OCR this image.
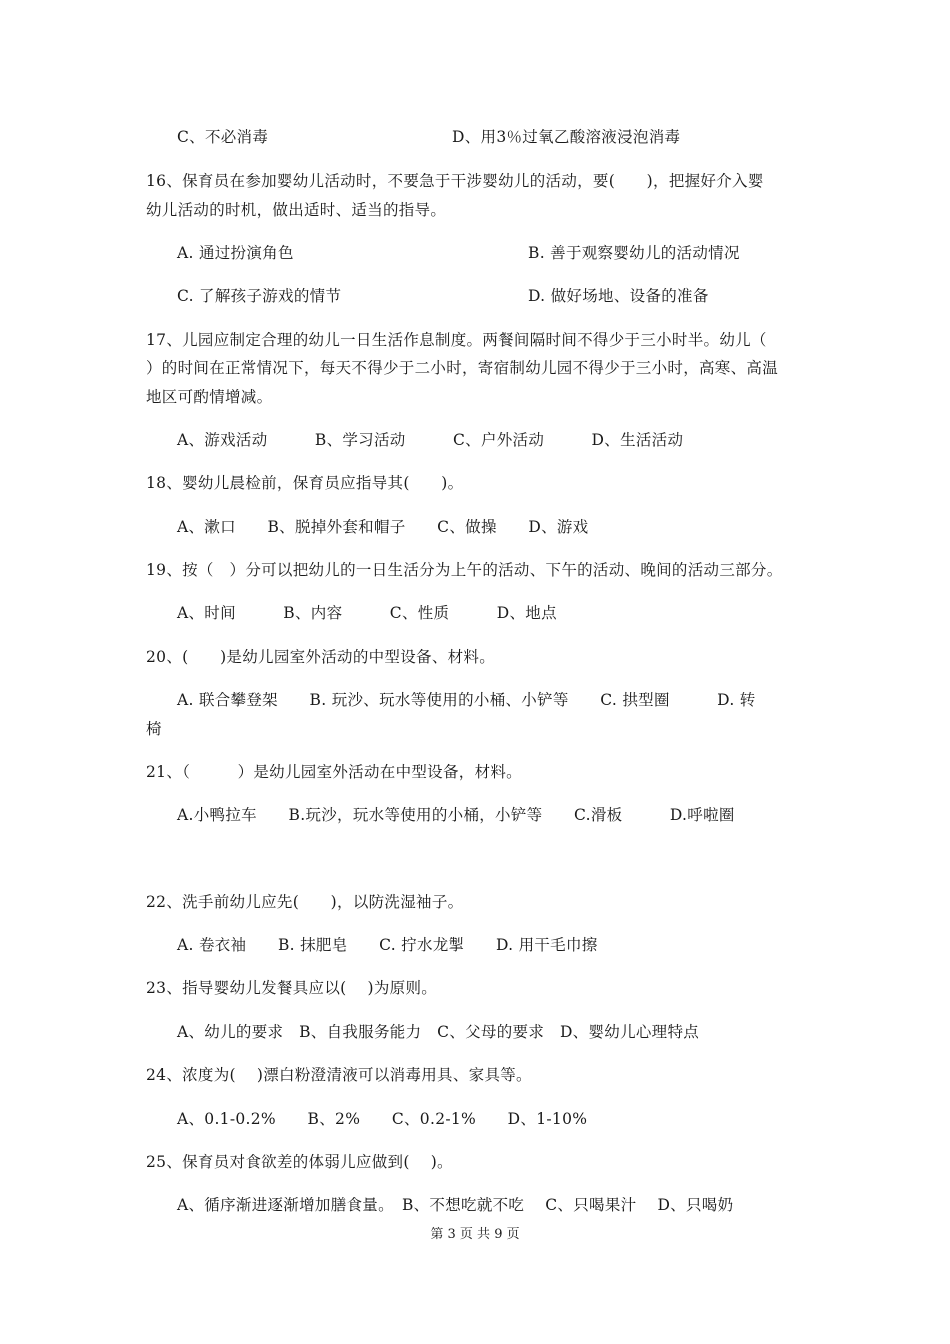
C、不必消毒	D、用3％过氧乙酸溶液浸泡消毒
16、保育员在参加婴幼儿活动时，不要急于干涉婴幼儿的活动，要(　　)，把握好介入婴
幼儿活动的时机，做出适时、适当的指导。
A. 通过扮演角色	B. 善于观察婴幼儿的活动情况
C. 了解孩子游戏的情节	D. 做好场地、设备的准备
17、儿园应制定合理的幼儿一日生活作息制度。两餐间隔时间不得少于三小时半。幼儿（
）的时间在正常情况下，每天不得少于二小时，寄宿制幼儿园不得少于三小时，高寒、高温
地区可酌情增减。
A、游戏活动　　　B、学习活动　　　C、户外活动　　　D、生活活动
18、婴幼儿晨检前，保育员应指导其(　　)。
A、漱口　　B、脱掉外套和帽子　　C、做操　　D、游戏
19、按（　）分可以把幼儿的一日生活分为上午的活动、下午的活动、晚间的活动三部分。
A、时间　　　B、内容　　　C、性质　　　D、地点
20、(　　)是幼儿园室外活动的中型设备、材料。
A. 联合攀登架　　B. 玩沙、玩水等使用的小桶、小铲等　　C. 拱型圈　　　D. 转
椅
21、（　　　）是幼儿园室外活动在中型设备，材料。
A.小鸭拉车　　B.玩沙，玩水等使用的小桶，小铲等　　C.滑板　　　D.呼啦圈
22、洗手前幼儿应先(　　)，以防洗湿袖子。
A. 卷衣袖　　B. 抹肥皂　　C. 拧水龙掣　　D. 用干毛巾擦
23、指导婴幼儿发餐具应以(　 )为原则。
A、幼儿的要求　B、自我服务能力　C、父母的要求　D、婴幼儿心理特点
24、浓度为(　 )漂白粉澄清液可以消毒用具、家具等。
A、0.1-0.2%　　B、2%　　C、0.2-1%　　D、1-10%
25、保育员对食欲差的体弱儿应做到(　 )。
A、循序渐进逐渐增加膳食量。　B、不想吃就不吃　 C、只喝果汁　 D、只喝奶
第 3 页 共 9 页
